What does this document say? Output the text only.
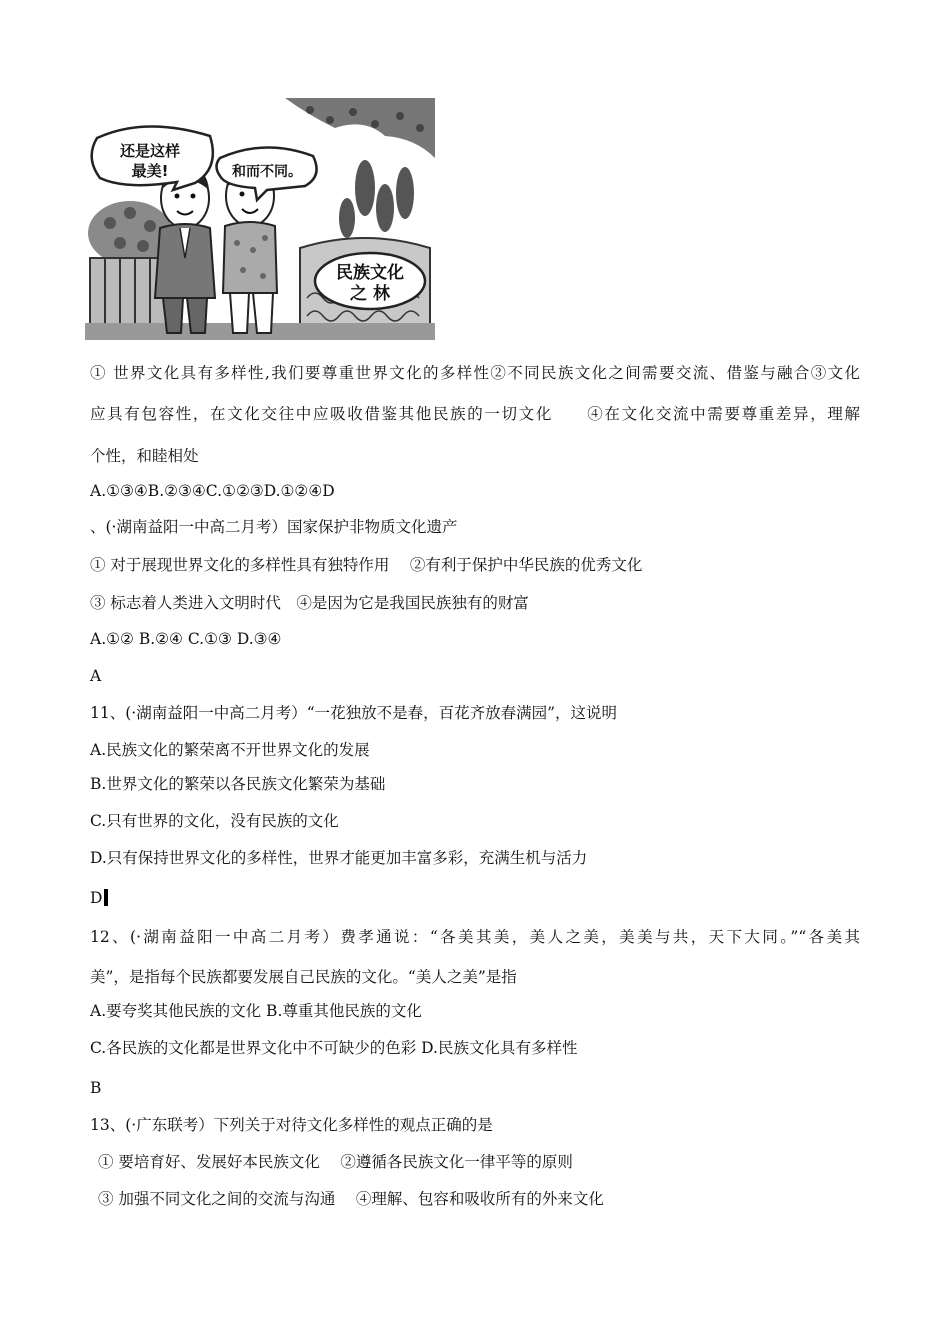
民族文化
之 林
还是这样
最美!	和而不同。
① 世界文化具有多样性,我们要尊重世界文化的多样性②不同民族文化之间需要交流、借鉴与融合③文化
应具有包容性，在文化交往中应吸收借鉴其他民族的一切文化　　④在文化交流中需要尊重差异，理解
个性，和睦相处
A.①③④B.②③④C.①②③D.①②④D
、(·湖南益阳一中高二月考）国家保护非物质文化遗产
① 对于展现世界文化的多样性具有独特作用　 ②有利于保护中华民族的优秀文化
③ 标志着人类进入文明时代　④是因为它是我国民族独有的财富
A.①② B.②④ C.①③ D.③④
A
11、(·湖南益阳一中高二月考）“一花独放不是春，百花齐放春满园”，这说明
A.民族文化的繁荣离不开世界文化的发展
B.世界文化的繁荣以各民族文化繁荣为基础
C.只有世界的文化，没有民族的文化
D.只有保持世界文化的多样性，世界才能更加丰富多彩，充满生机与活力
D
12、(·湖南益阳一中高二月考）费孝通说：“各美其美，美人之美，美美与共，天下大同。”“各美其
美”，是指每个民族都要发展自己民族的文化。“美人之美”是指
A.要夸奖其他民族的文化 B.尊重其他民族的文化
C.各民族的文化都是世界文化中不可缺少的色彩 D.民族文化具有多样性
B
13、(·广东联考）下列关于对待文化多样性的观点正确的是
① 要培育好、发展好本民族文化　 ②遵循各民族文化一律平等的原则
③ 加强不同文化之间的交流与沟通　 ④理解、包容和吸收所有的外来文化
